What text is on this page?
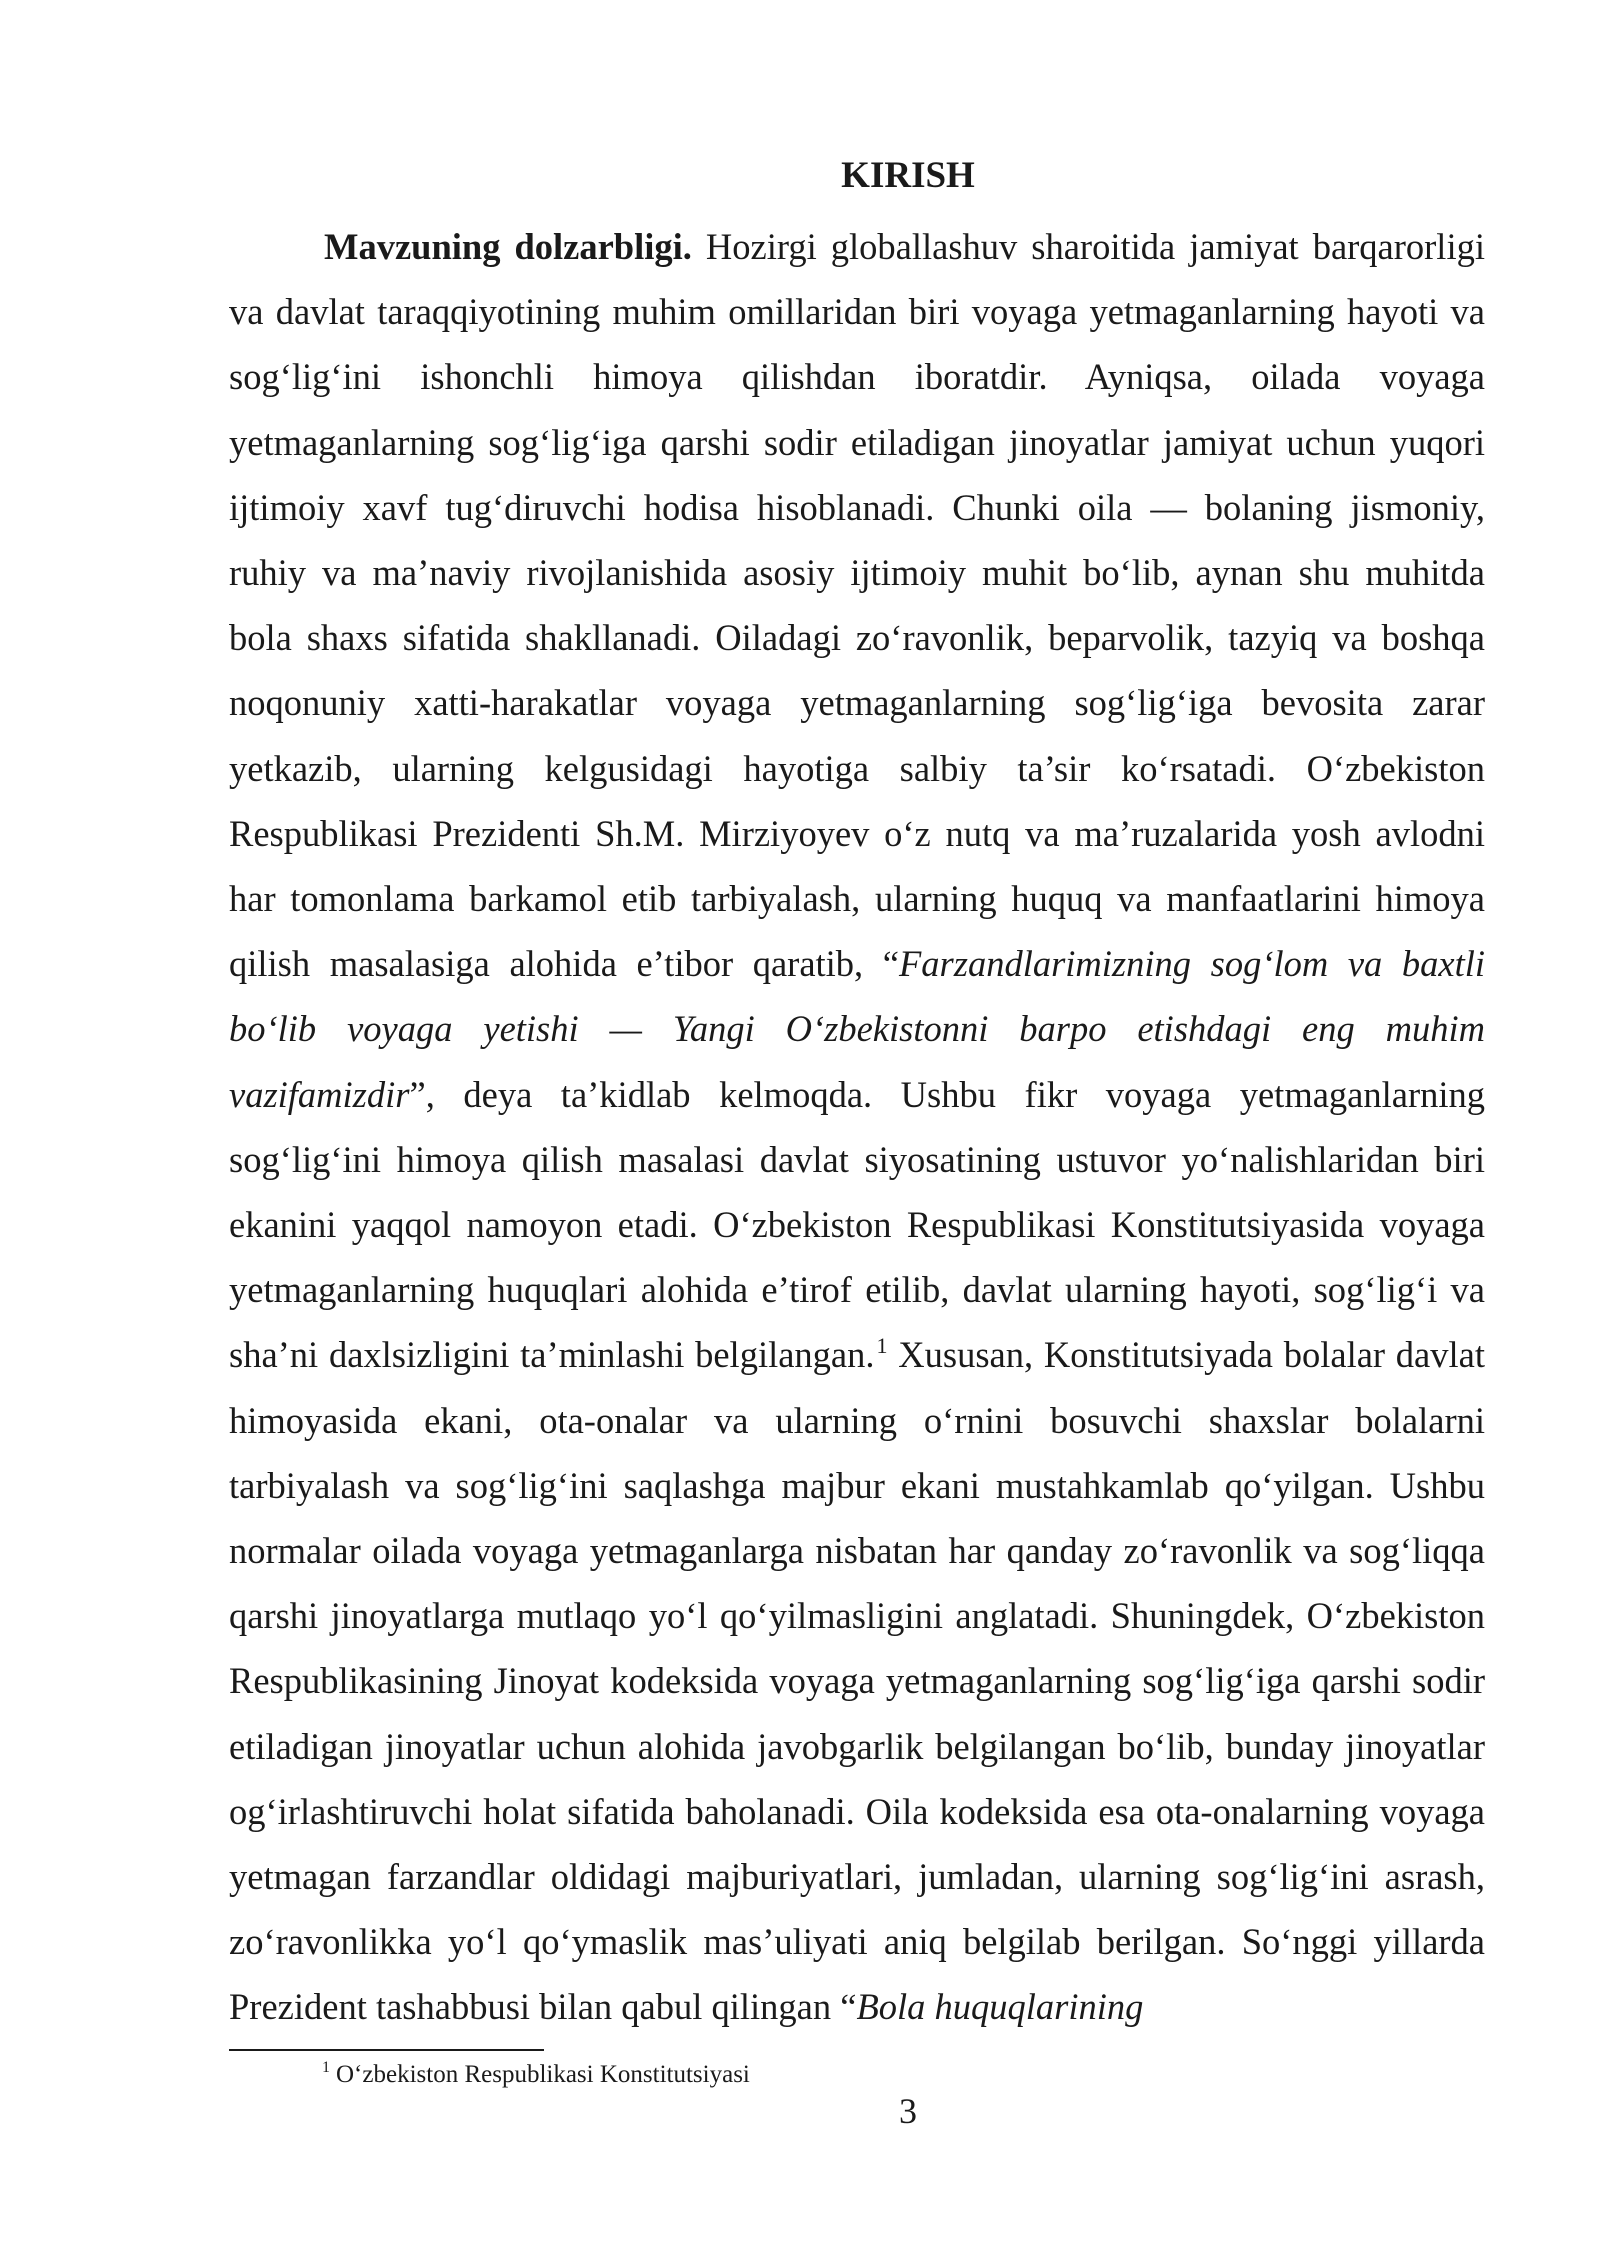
KIRISH

Mavzuning dolzarbligi. Hozirgi globallashuv sharoitida jamiyat barqarorligi va davlat taraqqiyotining muhim omillaridan biri voyaga yetmaganlarning hayoti va sog‘lig‘ini ishonchli himoya qilishdan iboratdir. Ayniqsa, oilada voyaga yetmaganlarning sog‘lig‘iga qarshi sodir etiladigan jinoyatlar jamiyat uchun yuqori ijtimoiy xavf tug‘diruvchi hodisa hisoblanadi. Chunki oila — bolaning jismoniy, ruhiy va ma’naviy rivojlanishida asosiy ijtimoiy muhit bo‘lib, aynan shu muhitda bola shaxs sifatida shakllanadi. Oiladagi zo‘ravonlik, beparvolik, tazyiq va boshqa noqonuniy xatti-harakatlar voyaga yetmaganlarning sog‘lig‘iga bevosita zarar yetkazib, ularning kelgusidagi hayotiga salbiy ta’sir ko‘rsatadi. O‘zbekiston Respublikasi Prezidenti Sh.M. Mirziyoyev o‘z nutq va ma’ruzalarida yosh avlodni har tomonlama barkamol etib tarbiyalash, ularning huquq va manfaatlarini himoya qilish masalasiga alohida e’tibor qaratib, “Farzandlarimizning sog‘lom va baxtli bo‘lib voyaga yetishi — Yangi O‘zbekistonni barpo etishdagi eng muhim vazifamizdir”, deya ta’kidlab kelmoqda. Ushbu fikr voyaga yetmaganlarning sog‘lig‘ini himoya qilish masalasi davlat siyosatining ustuvor yo‘nalishlaridan biri ekanini yaqqol namoyon etadi. O‘zbekiston Respublikasi Konstitutsiyasida voyaga yetmaganlarning huquqlari alohida e’tirof etilib, davlat ularning hayoti, sog‘lig‘i va sha’ni daxlsizligini ta’minlashi belgilangan.$^1$ Xususan, Konstitutsiyada bolalar davlat himoyasida ekani, ota-onalar va ularning o‘rnini bosuvchi shaxslar bolalarni tarbiyalash va sog‘lig‘ini saqlashga majbur ekani mustahkamlab qo‘yilgan. Ushbu normalar oilada voyaga yetmaganlarga nisbatan har qanday zo‘ravonlik va sog‘liqqa qarshi jinoyatlarga mutlaqo yo‘l qo‘yilmasligini anglatadi. Shuningdek, O‘zbekiston Respublikasining Jinoyat kodeksida voyaga yetmaganlarning sog‘lig‘iga qarshi sodir etiladigan jinoyatlar uchun alohida javobgarlik belgilangan bo‘lib, bunday jinoyatlar og‘irlashtiruvchi holat sifatida baholanadi. Oila kodeksida esa ota-onalarning voyaga yetmagan farzandlar oldidagi majburiyatlari, jumladan, ularning sog‘lig‘ini asrash, zo‘ravonlikka yo‘l qo‘ymaslik mas’uliyati aniq belgilab berilgan. So‘nggi yillarda Prezident tashabbusi bilan qabul qilingan “Bola huquqlarining

$^1$ O‘zbekiston Respublikasi Konstitutsiyasi

3
